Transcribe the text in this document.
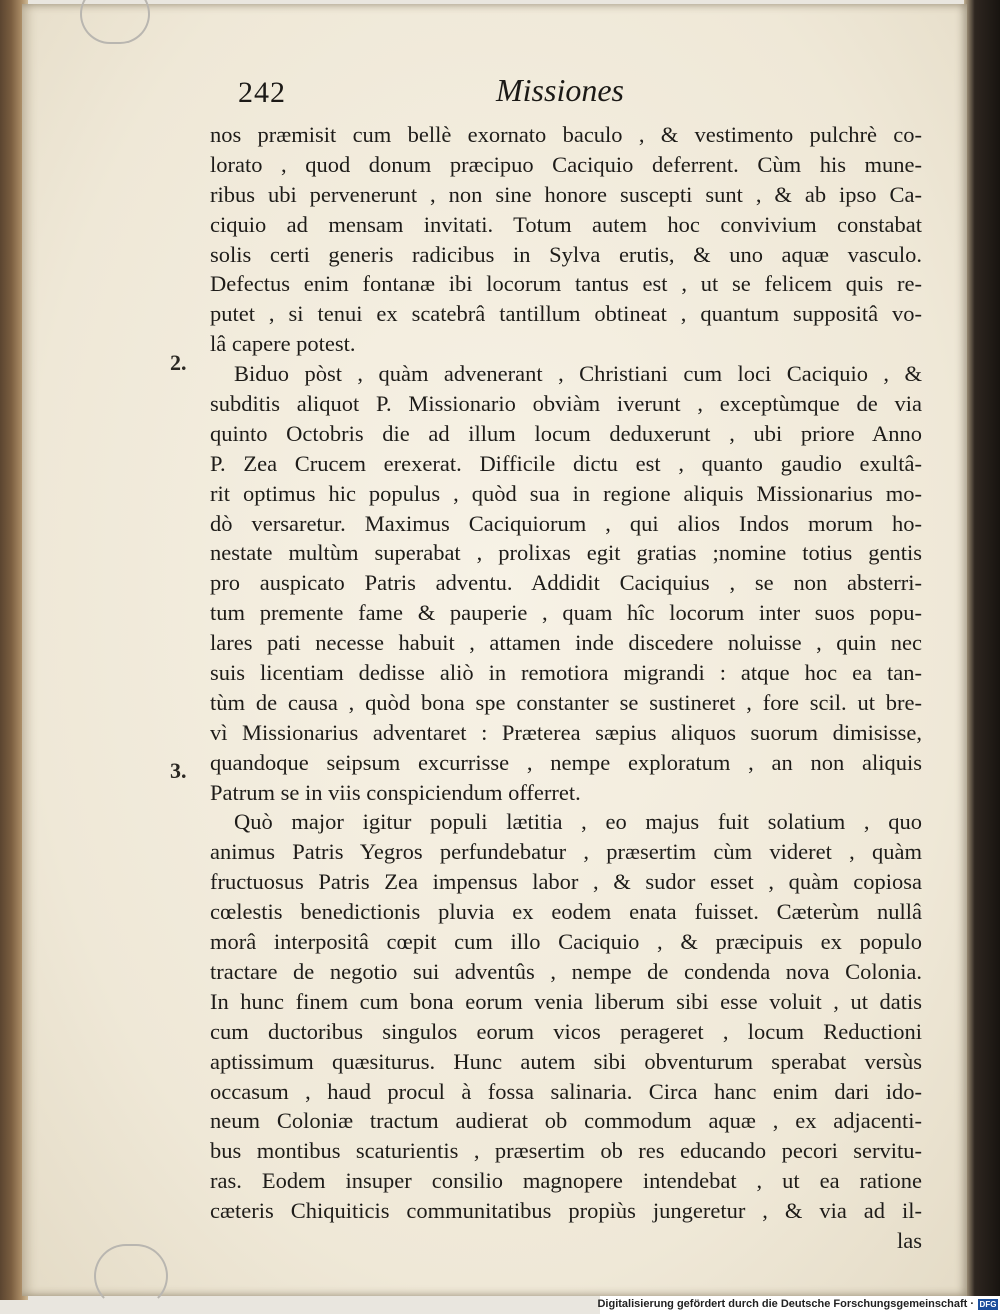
242	Missiones
2.
3.
nos præmisit cum bellè exornato baculo , & vestimento pulchrè co-
lorato , quod donum præcipuo Caciquio deferrent. Cùm his mune-
ribus ubi pervenerunt , non sine honore suscepti sunt , & ab ipso Ca-
ciquio ad mensam invitati. Totum autem hoc convivium constabat
solis certi generis radicibus in Sylva erutis, & uno aquæ vasculo.
Defectus enim fontanæ ibi locorum tantus est , ut se felicem quis re-
putet , si tenui ex scatebrâ tantillum obtineat , quantum suppositâ vo-
lâ capere potest.
Biduo pòst , quàm advenerant , Christiani cum loci Caciquio , &
subditis aliquot P. Missionario obviàm iverunt , exceptùmque de via
quinto Octobris die ad illum locum deduxerunt , ubi priore Anno
P. Zea Crucem erexerat. Difficile dictu est , quanto gaudio exultâ-
rit optimus hic populus , quòd sua in regione aliquis Missionarius mo-
dò versaretur. Maximus Caciquiorum , qui alios Indos morum ho-
nestate multùm superabat , prolixas egit gratias ;nomine totius gentis
pro auspicato Patris adventu. Addidit Caciquius , se non absterri-
tum premente fame & pauperie , quam hîc locorum inter suos popu-
lares pati necesse habuit , attamen inde discedere noluisse , quin nec
suis licentiam dedisse aliò in remotiora migrandi : atque hoc ea tan-
tùm de causa , quòd bona spe constanter se sustineret , fore scil. ut bre-
vì Missionarius adventaret : Præterea sæpius aliquos suorum dimisisse,
quandoque seipsum excurrisse , nempe exploratum , an non aliquis
Patrum se in viis conspiciendum offerret.
Quò major igitur populi lætitia , eo majus fuit solatium , quo
animus Patris Yegros perfundebatur , præsertim cùm videret , quàm
fructuosus Patris Zea impensus labor , & sudor esset , quàm copiosa
cœlestis benedictionis pluvia ex eodem enata fuisset. Cæterùm nullâ
morâ interpositâ cœpit cum illo Caciquio , & præcipuis ex populo
tractare de negotio sui adventûs , nempe de condenda nova Colonia.
In hunc finem cum bona eorum venia liberum sibi esse voluit , ut datis
cum ductoribus singulos eorum vicos perageret , locum Reductioni
aptissimum quæsiturus. Hunc autem sibi obventurum sperabat versùs
occasum , haud procul à fossa salinaria. Circa hanc enim dari ido-
neum Coloniæ tractum audierat ob commodum aquæ , ex adjacenti-
bus montibus scaturientis , præsertim ob res educando pecori servitu-
ras. Eodem insuper consilio magnopere intendebat , ut ea ratione
cæteris Chiquiticis communitatibus propiùs jungeretur , & via ad il-
las
Digitalisierung gefördert durch die Deutsche Forschungsgemeinschaft · DFG
